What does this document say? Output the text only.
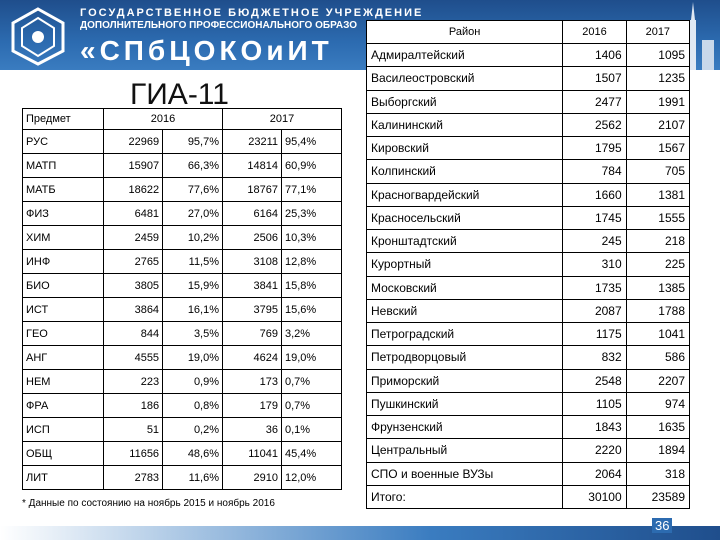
ГОСУДАРСТВЕННОЕ БЮДЖЕТНОЕ УЧРЕЖДЕНИЕ
ДОПОЛНИТЕЛЬНОГО ПРОФЕССИОНАЛЬНОГО ОБРАЗО
«СПбЦОКОиИТ
ГИА-11
Предмет	2016		2017	
РУС	22969	95,7%	23211	95,4%
МАТП	15907	66,3%	14814	60,9%
МАТБ	18622	77,6%	18767	77,1%
ФИЗ	6481	27,0%	6164	25,3%
ХИМ	2459	10,2%	2506	10,3%
ИНФ	2765	11,5%	3108	12,8%
БИО	3805	15,9%	3841	15,8%
ИСТ	3864	16,1%	3795	15,6%
ГЕО	844	3,5%	769	3,2%
АНГ	4555	19,0%	4624	19,0%
НЕМ	223	0,9%	173	0,7%
ФРА	186	0,8%	179	0,7%
ИСП	51	0,2%	36	0,1%
ОБЩ	11656	48,6%	11041	45,4%
ЛИТ	2783	11,6%	2910	12,0%
* Данные по состоянию на ноябрь 2015 и ноябрь 2016
Район	2016	2017
Адмиралтейский	1406	1095
Василеостровский	1507	1235
Выборгский	2477	1991
Калининский	2562	2107
Кировский	1795	1567
Колпинский	784	705
Красногвардейский	1660	1381
Красносельский	1745	1555
Кронштадтский	245	218
Курортный	310	225
Московский	1735	1385
Невский	2087	1788
Петроградский	1175	1041
Петродворцовый	832	586
Приморский	2548	2207
Пушкинский	1105	974
Фрунзенский	1843	1635
Центральный	2220	1894
СПО и военные ВУЗы	2064	318
Итого:	30100	23589
36
